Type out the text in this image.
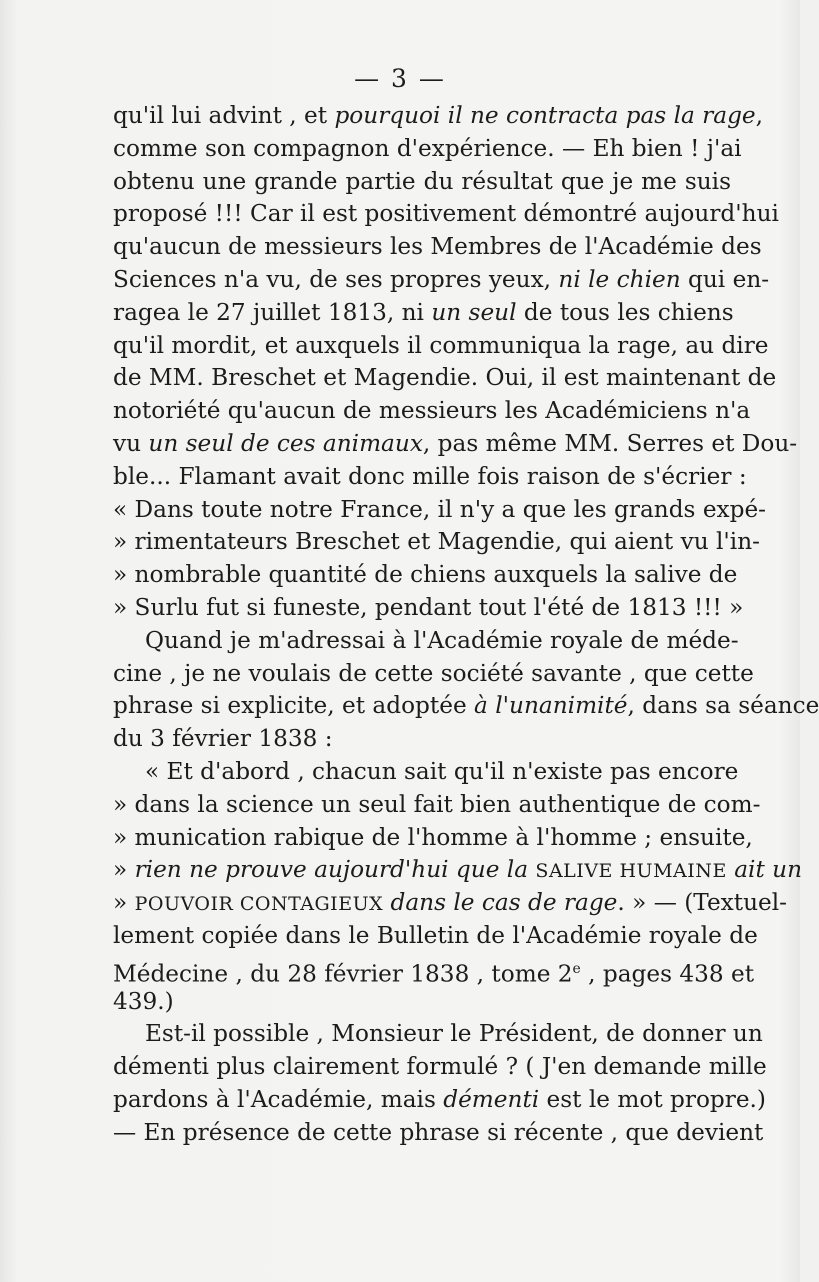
— 3 —
qu'il lui advint , et pourquoi il ne contracta pas la rage,
comme son compagnon d'expérience. — Eh bien ! j'ai
obtenu une grande partie du résultat que je me suis
proposé !!! Car il est positivement démontré aujourd'hui
qu'aucun de messieurs les Membres de l'Académie des
Sciences n'a vu, de ses propres yeux, ni le chien qui en-
ragea le 27 juillet 1813, ni un seul de tous les chiens
qu'il mordit, et auxquels il communiqua la rage, au dire
de MM. Breschet et Magendie. Oui, il est maintenant de
notoriété qu'aucun de messieurs les Académiciens n'a
vu un seul de ces animaux, pas même MM. Serres et Dou-
ble... Flamant avait donc mille fois raison de s'écrier :
« Dans toute notre France, il n'y a que les grands expé-
» rimentateurs Breschet et Magendie, qui aient vu l'in-
» nombrable quantité de chiens auxquels la salive de
» Surlu fut si funeste, pendant tout l'été de 1813 !!! »
Quand je m'adressai à l'Académie royale de méde-
cine , je ne voulais de cette société savante , que cette
phrase si explicite, et adoptée à l'unanimité, dans sa séance
du 3 février 1838 :
« Et d'abord , chacun sait qu'il n'existe pas encore
» dans la science un seul fait bien authentique de com-
» munication rabique de l'homme à l'homme ; ensuite,
» rien ne prouve aujourd'hui que la SALIVE HUMAINE ait un
» POUVOIR CONTAGIEUX dans le cas de rage. » — (Textuel-
lement copiée dans le Bulletin de l'Académie royale de
Médecine , du 28 février 1838 , tome 2e , pages 438 et
439.)
Est-il possible , Monsieur le Président, de donner un
démenti plus clairement formulé ? ( J'en demande mille
pardons à l'Académie, mais démenti est le mot propre.)
— En présence de cette phrase si récente , que devient
